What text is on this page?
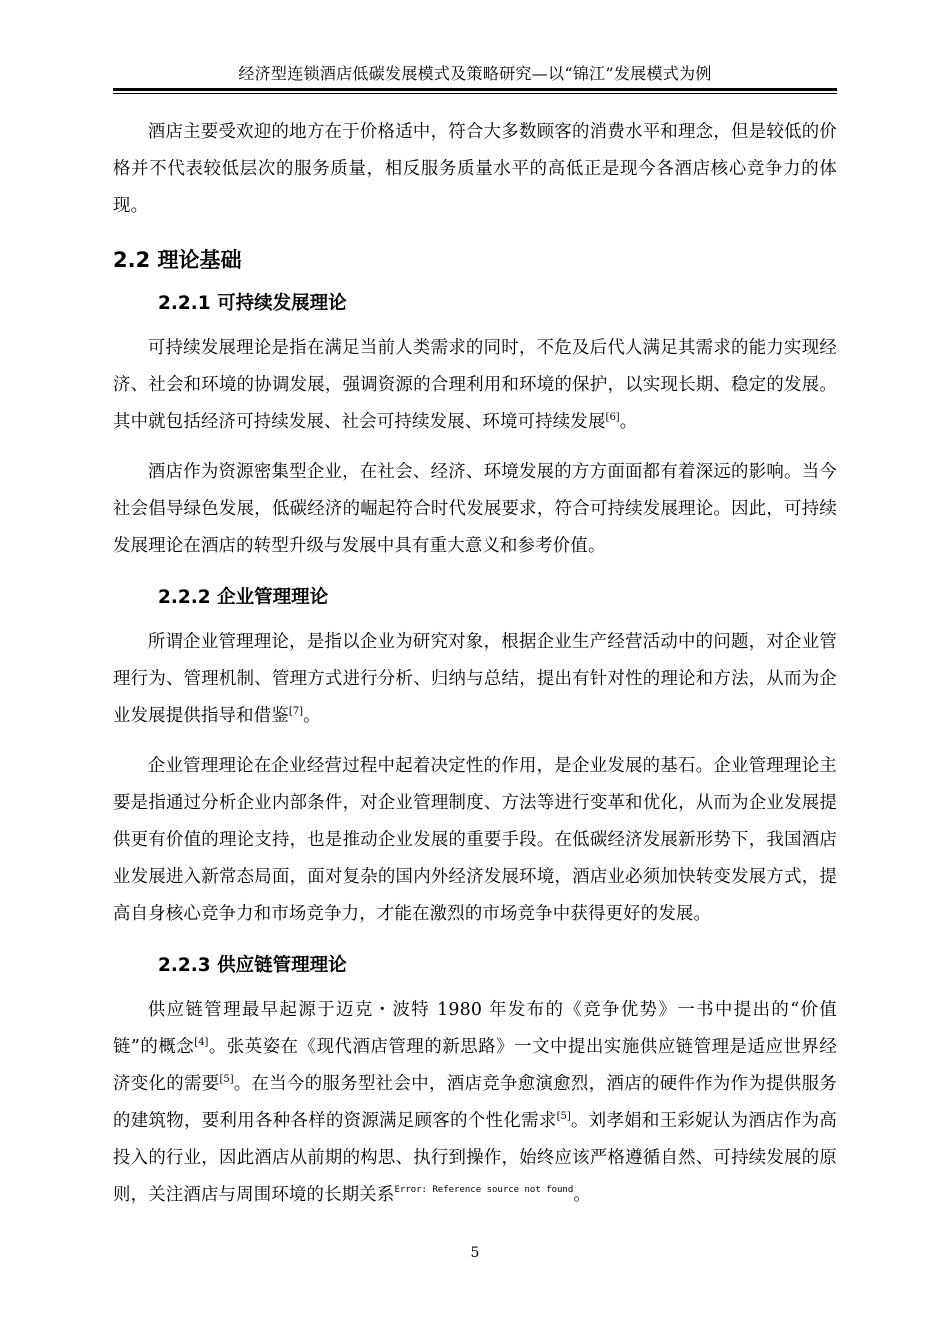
经济型连锁酒店低碳发展模式及策略研究—以“锦江”发展模式为例

酒店主要受欢迎的地方在于价格适中，符合大多数顾客的消费水平和理念，但是较低的价格并不代表较低层次的服务质量，相反服务质量水平的高低正是现今各酒店核心竞争力的体现。

2.2 理论基础
2.2.1 可持续发展理论

可持续发展理论是指在满足当前人类需求的同时，不危及后代人满足其需求的能力实现经济、社会和环境的协调发展，强调资源的合理利用和环境的保护，以实现长期、稳定的发展。其中就包括经济可持续发展、社会可持续发展、环境可持续发展[6]。

酒店作为资源密集型企业，在社会、经济、环境发展的方方面面都有着深远的影响。当今社会倡导绿色发展，低碳经济的崛起符合时代发展要求，符合可持续发展理论。因此，可持续发展理论在酒店的转型升级与发展中具有重大意义和参考价值。

2.2.2 企业管理理论

所谓企业管理理论，是指以企业为研究对象，根据企业生产经营活动中的问题，对企业管理行为、管理机制、管理方式进行分析、归纳与总结，提出有针对性的理论和方法，从而为企业发展提供指导和借鉴[7]。

企业管理理论在企业经营过程中起着决定性的作用，是企业发展的基石。企业管理理论主要是指通过分析企业内部条件，对企业管理制度、方法等进行变革和优化，从而为企业发展提供更有价值的理论支持，也是推动企业发展的重要手段。在低碳经济发展新形势下，我国酒店业发展进入新常态局面，面对复杂的国内外经济发展环境，酒店业必须加快转变发展方式，提高自身核心竞争力和市场竞争力，才能在激烈的市场竞争中获得更好的发展。

2.2.3 供应链管理理论

供应链管理最早起源于迈克・波特 1980 年发布的《竞争优势》一书中提出的“价值链”的概念[4]。张英姿在《现代酒店管理的新思路》一文中提出实施供应链管理是适应世界经济变化的需要[5]。在当今的服务型社会中，酒店竞争愈演愈烈，酒店的硬件作为作为提供服务的建筑物，要利用各种各样的资源满足顾客的个性化需求[5]。刘孝娟和王彩妮认为酒店作为高投入的行业，因此酒店从前期的构思、执行到操作，始终应该严格遵循自然、可持续发展的原则，关注酒店与周围环境的长期关系$^{Error: Reference source not found}$。

5
